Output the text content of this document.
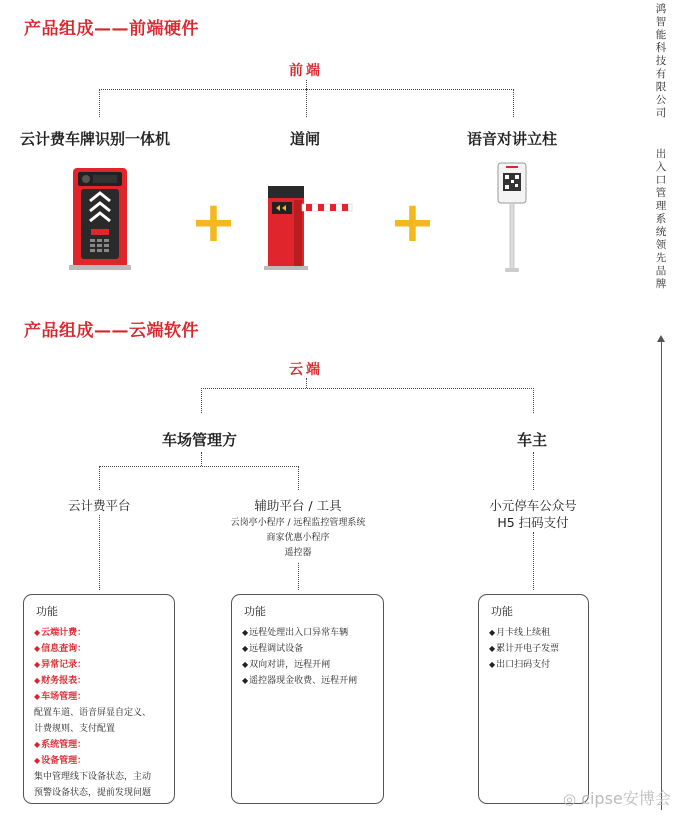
鸿智能科技有限公司
出入口管理系统领先品牌
产品组成——前端硬件
前端
云计费车牌识别一体机	道闸	语音对讲立柱
+	+
产品组成——云端软件
云端
车场管理方	车主
云计费平台	辅助平台 / 工具
云岗亭小程序 / 远程监控管理系统
商家优惠小程序
遥控器
小元停车公众号
H5 扫码支付
功能
◆ 云端计费：
◆ 信息查询：
◆ 异常记录：
◆ 财务报表：
◆ 车场管理：
配置车道、语音屏显自定义、
计费规则、支付配置
◆ 系统管理：
◆ 设备管理：
集中管理线下设备状态，主动
预警设备状态，提前发现问题
功能
◆ 远程处理出入口异常车辆
◆ 远程调试设备
◆ 双向对讲，远程开闸
◆ 遥控器现金收费、远程开闸
功能
◆ 月卡线上续租
◆ 累计开电子发票
◆ 出口扫码支付
◎ cipse安博会
